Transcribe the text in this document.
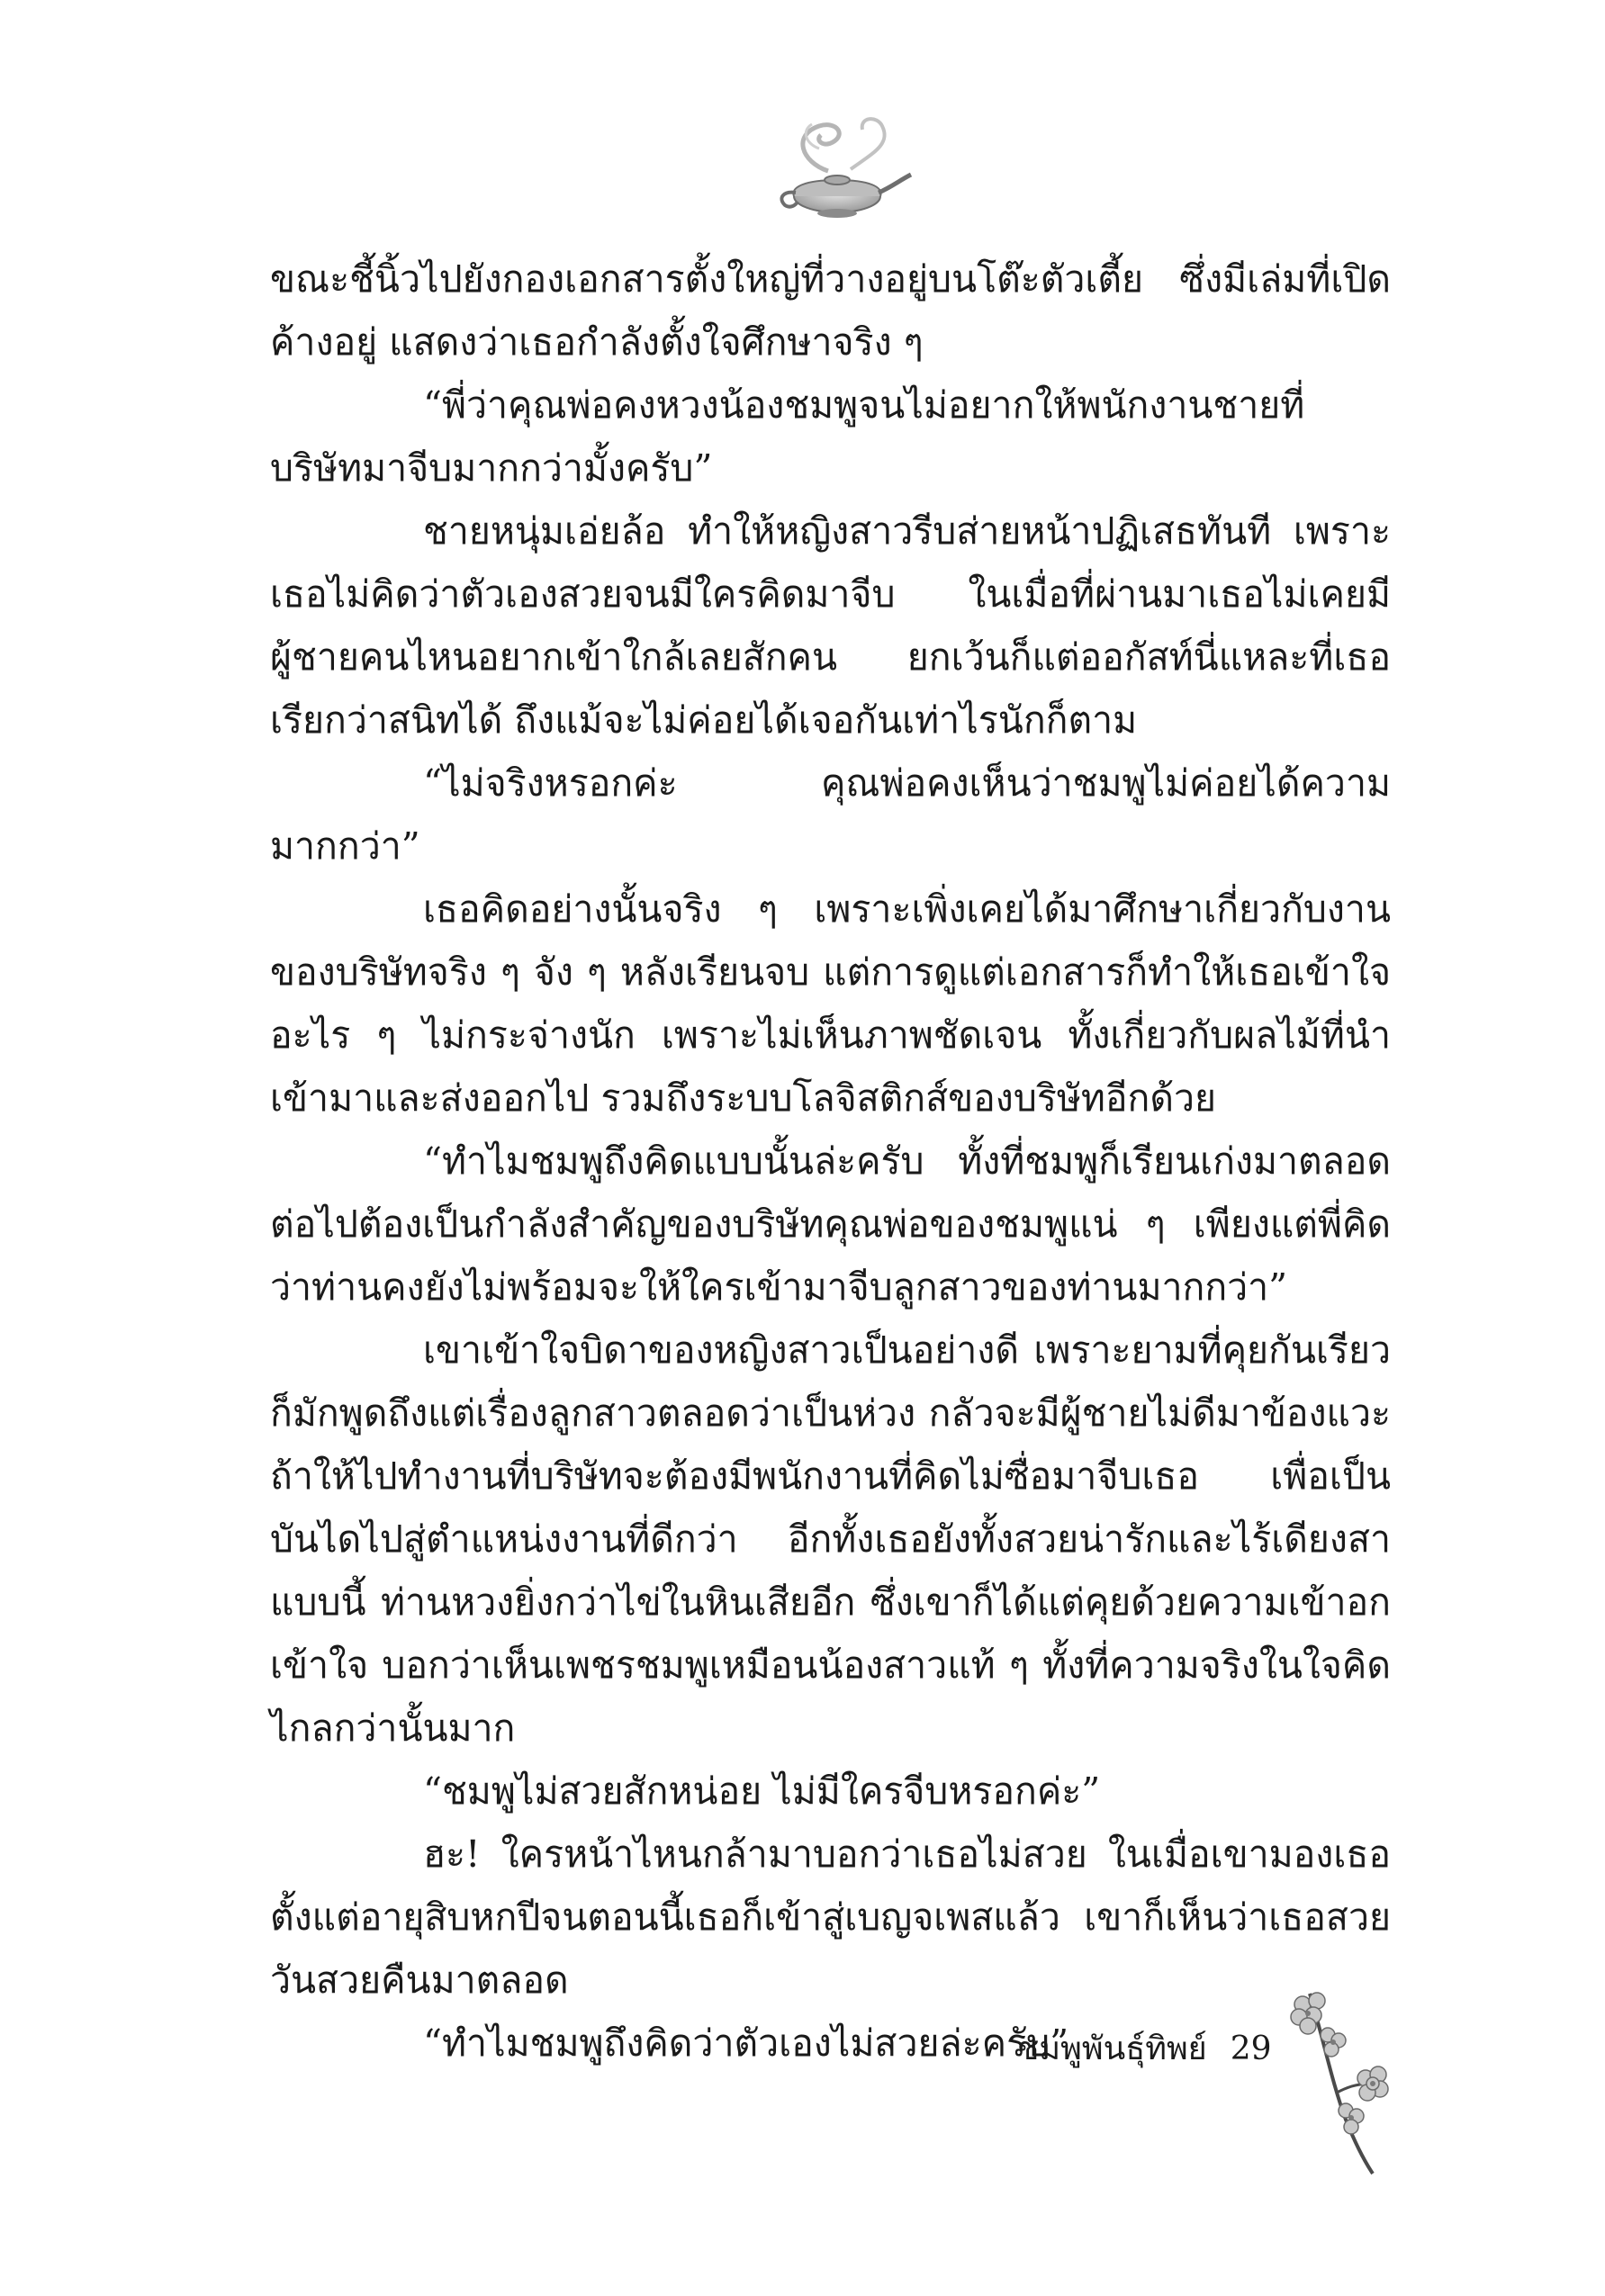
ขณะชี้นิ้วไปยังกองเอกสารตั้งใหญ่ที่วางอยู่บนโต๊ะตัวเตี้ย ซึ่งมีเล่มที่เปิดค้างอยู่ แสดงว่าเธอกำลังตั้งใจศึกษาจริง ๆ

“พี่ว่าคุณพ่อคงหวงน้องชมพูจนไม่อยากให้พนักงานชายที่บริษัทมาจีบมากกว่ามั้งครับ”

ชายหนุ่มเอ่ยล้อ ทำให้หญิงสาวรีบส่ายหน้าปฏิเสธทันที เพราะเธอไม่คิดว่าตัวเองสวยจนมีใครคิดมาจีบ ในเมื่อที่ผ่านมาเธอไม่เคยมีผู้ชายคนไหนอยากเข้าใกล้เลยสักคน ยกเว้นก็แต่ออกัสท์นี่แหละที่เธอเรียกว่าสนิทได้ ถึงแม้จะไม่ค่อยได้เจอกันเท่าไรนักก็ตาม

“ไม่จริงหรอกค่ะ คุณพ่อคงเห็นว่าชมพูไม่ค่อยได้ความมากกว่า”

เธอคิดอย่างนั้นจริง ๆ เพราะเพิ่งเคยได้มาศึกษาเกี่ยวกับงานของบริษัทจริง ๆ จัง ๆ หลังเรียนจบ แต่การดูแต่เอกสารก็ทำให้เธอเข้าใจอะไร ๆ ไม่กระจ่างนัก เพราะไม่เห็นภาพชัดเจน ทั้งเกี่ยวกับผลไม้ที่นำเข้ามาและส่งออกไป รวมถึงระบบโลจิสติกส์ของบริษัทอีกด้วย

“ทำไมชมพูถึงคิดแบบนั้นล่ะครับ ทั้งที่ชมพูก็เรียนเก่งมาตลอดต่อไปต้องเป็นกำลังสำคัญของบริษัทคุณพ่อของชมพูแน่ ๆ เพียงแต่พี่คิดว่าท่านคงยังไม่พร้อมจะให้ใครเข้ามาจีบลูกสาวของท่านมากกว่า”

เขาเข้าใจบิดาของหญิงสาวเป็นอย่างดี เพราะยามที่คุยกันเรียวก็มักพูดถึงแต่เรื่องลูกสาวตลอดว่าเป็นห่วง กลัวจะมีผู้ชายไม่ดีมาข้องแวะถ้าให้ไปทำงานที่บริษัทจะต้องมีพนักงานที่คิดไม่ซื่อมาจีบเธอ เพื่อเป็นบันไดไปสู่ตำแหน่งงานที่ดีกว่า อีกทั้งเธอยังทั้งสวยน่ารักและไร้เดียงสาแบบนี้ ท่านหวงยิ่งกว่าไข่ในหินเสียอีก ซึ่งเขาก็ได้แต่คุยด้วยความเข้าอกเข้าใจ บอกว่าเห็นเพชรชมพูเหมือนน้องสาวแท้ ๆ ทั้งที่ความจริงในใจคิดไกลกว่านั้นมาก

“ชมพูไม่สวยสักหน่อย ไม่มีใครจีบหรอกค่ะ”

ฮะ! ใครหน้าไหนกล้ามาบอกว่าเธอไม่สวย ในเมื่อเขามองเธอตั้งแต่อายุสิบหกปีจนตอนนี้เธอก็เข้าสู่เบญจเพสแล้ว เขาก็เห็นว่าเธอสวยวันสวยคืนมาตลอด

“ทำไมชมพูถึงคิดว่าตัวเองไม่สวยล่ะครับ”

ชมพูพันธุ์ทิพย์ 29
